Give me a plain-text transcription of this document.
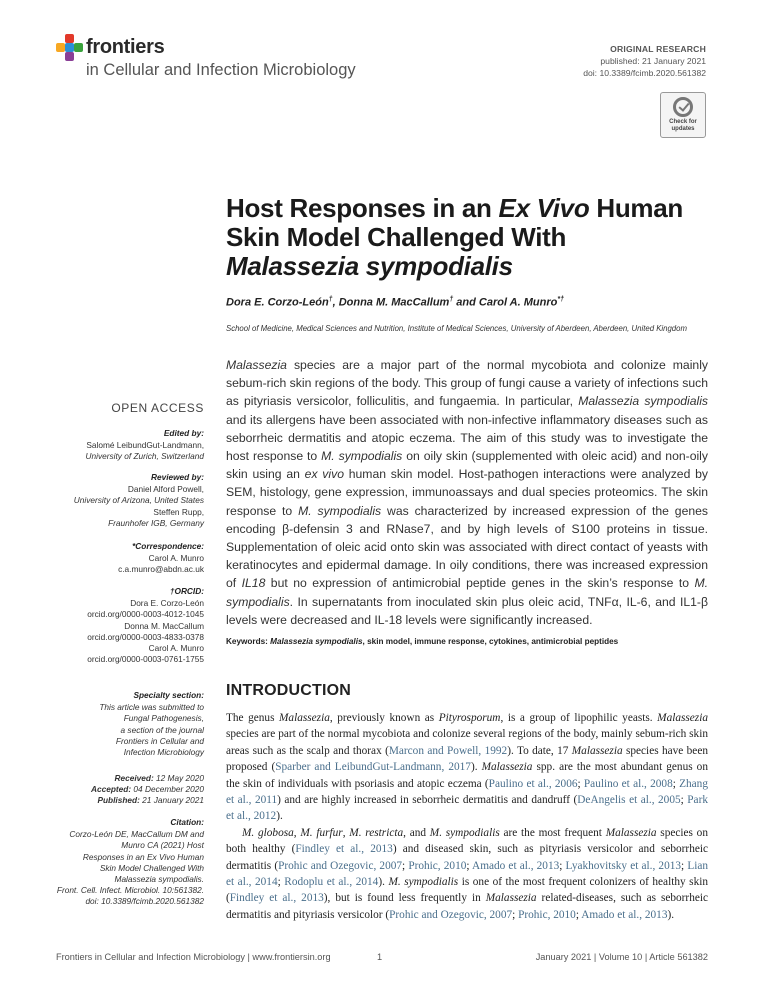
frontiers
in Cellular and Infection Microbiology
ORIGINAL RESEARCH
published: 21 January 2021
doi: 10.3389/fcimb.2020.561382
Check for
updates
Host Responses in an Ex Vivo Human
Skin Model Challenged With
Malassezia sympodialis
Dora E. Corzo-León†, Donna M. MacCallum† and Carol A. Munro*†
School of Medicine, Medical Sciences and Nutrition, Institute of Medical Sciences, University of Aberdeen, Aberdeen, United Kingdom
Malassezia species are a major part of the normal mycobiota and colonize mainly sebum-rich skin regions of the body. This group of fungi cause a variety of infections such as pityriasis versicolor, folliculitis, and fungaemia. In particular, Malassezia sympodialis and its allergens have been associated with non-infective inflammatory diseases such as seborrheic dermatitis and atopic eczema. The aim of this study was to investigate the host response to M. sympodialis on oily skin (supplemented with oleic acid) and non-oily skin using an ex vivo human skin model. Host-pathogen interactions were analyzed by SEM, histology, gene expression, immunoassays and dual species proteomics. The skin response to M. sympodialis was characterized by increased expression of the genes encoding β-defensin 3 and RNase7, and by high levels of S100 proteins in tissue. Supplementation of oleic acid onto skin was associated with direct contact of yeasts with keratinocytes and epidermal damage. In oily conditions, there was increased expression of IL18 but no expression of antimicrobial peptide genes in the skin’s response to M. sympodialis. In supernatants from inoculated skin plus oleic acid, TNFα, IL-6, and IL1-β levels were decreased and IL-18 levels were significantly increased.
Keywords: Malassezia sympodialis, skin model, immune response, cytokines, antimicrobial peptides
OPEN ACCESS
Edited by:
Salomé LeibundGut-Landmann,
University of Zurich, Switzerland
Reviewed by:
Daniel Alford Powell,
University of Arizona, United States
Steffen Rupp,
Fraunhofer IGB, Germany
*Correspondence:
Carol A. Munro
c.a.munro@abdn.ac.uk
†ORCID:
Dora E. Corzo-León
orcid.org/0000-0003-4012-1045
Donna M. MacCallum
orcid.org/0000-0003-4833-0378
Carol A. Munro
orcid.org/0000-0003-0761-1755
Specialty section:
This article was submitted to
Fungal Pathogenesis,
a section of the journal
Frontiers in Cellular and
Infection Microbiology
Received: 12 May 2020
Accepted: 04 December 2020
Published: 21 January 2021
Citation:
Corzo-León DE, MacCallum DM and
Munro CA (2021) Host
Responses in an Ex Vivo Human
Skin Model Challenged With
Malassezia sympodialis.
Front. Cell. Infect. Microbiol. 10:561382.
doi: 10.3389/fcimb.2020.561382
INTRODUCTION

The genus Malassezia, previously known as Pityrosporum, is a group of lipophilic yeasts. Malassezia species are part of the normal mycobiota and colonize several regions of the body, mainly sebum-rich skin areas such as the scalp and thorax (Marcon and Powell, 1992). To date, 17 Malassezia species have been proposed (Sparber and LeibundGut-Landmann, 2017). Malassezia spp. are the most abundant genus on the skin of individuals with psoriasis and atopic eczema (Paulino et al., 2006; Paulino et al., 2008; Zhang et al., 2011) and are highly increased in seborrheic dermatitis and dandruff (DeAngelis et al., 2005; Park et al., 2012).

M. globosa, M. furfur, M. restricta, and M. sympodialis are the most frequent Malassezia species on both healthy (Findley et al., 2013) and diseased skin, such as pityriasis versicolor and seborrheic dermatitis (Prohic and Ozegovic, 2007; Prohic, 2010; Amado et al., 2013; Lyakhovitsky et al., 2013; Lian et al., 2014; Rodoplu et al., 2014). M. sympodialis is one of the most frequent colonizers of healthy skin (Findley et al., 2013), but is found less frequently in Malassezia related-diseases, such as seborrheic dermatitis and pityriasis versicolor (Prohic and Ozegovic, 2007; Prohic, 2010; Amado et al., 2013).

Frontiers in Cellular and Infection Microbiology | www.frontiersin.org	1	January 2021 | Volume 10 | Article 561382
